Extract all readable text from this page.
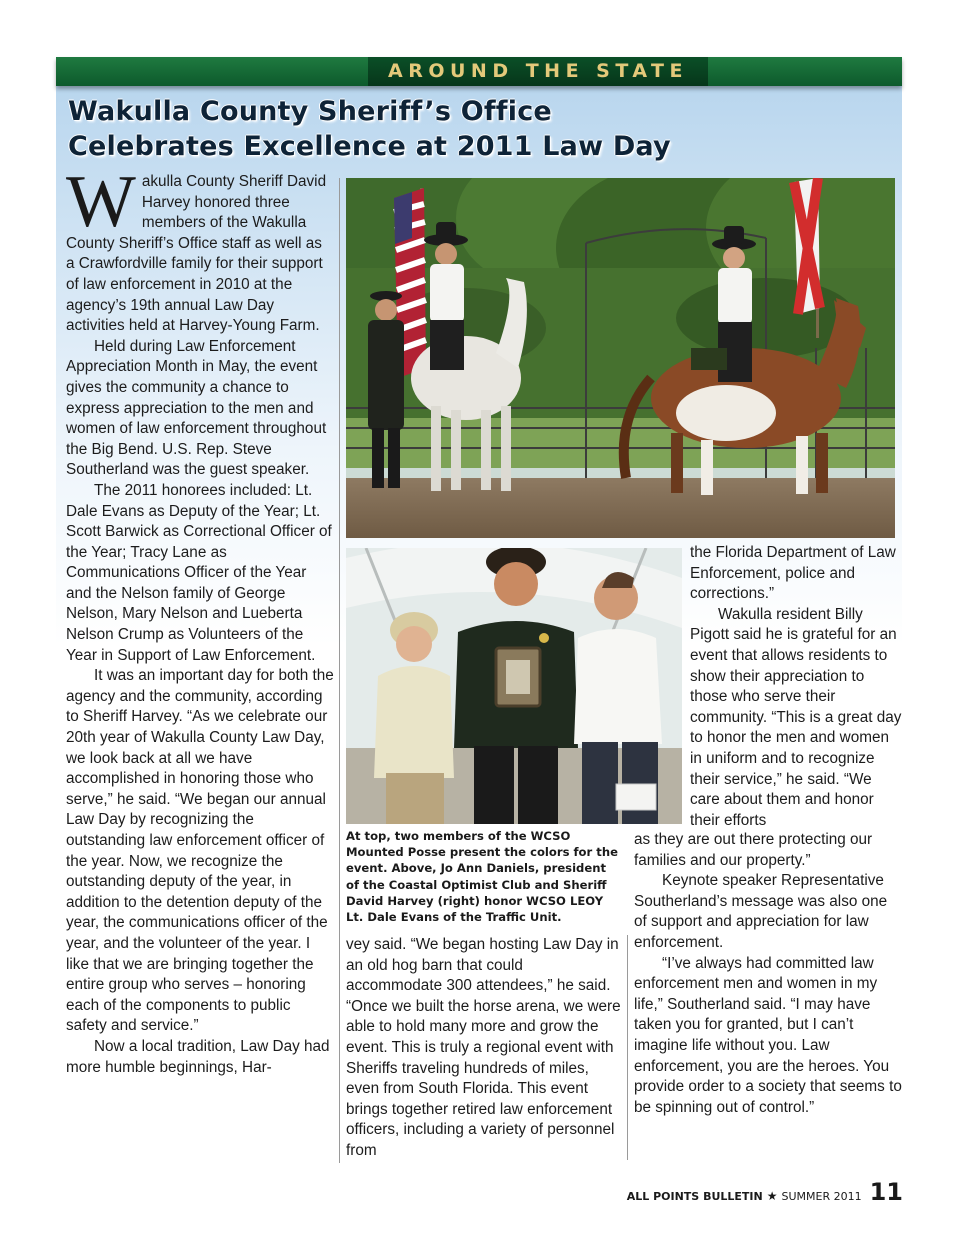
AROUND THE STATE
Wakulla County Sheriff’s Office
Celebrates Excellence at 2011 Law Day

Wakulla County Sheriff David Harvey honored three members of the Wakulla County Sheriff’s Office staff as well as a Crawfordville family for their support of law enforcement in 2010 at the agency’s 19th annual Law Day activities held at Harvey-Young Farm.

Held during Law Enforcement Appreciation Month in May, the event gives the community a chance to express appreciation to the men and women of law enforcement throughout the Big Bend. U.S. Rep. Steve Southerland was the guest speaker.

The 2011 honorees included: Lt. Dale Evans as Deputy of the Year; Lt. Scott Barwick as Correctional Officer of the Year; Tracy Lane as Communications Officer of the Year and the Nelson family of George Nelson, Mary Nelson and Lueberta Nelson Crump as Volunteers of the Year in Support of Law Enforcement.

It was an important day for both the agency and the community, according to Sheriff Harvey. “As we celebrate our 20th year of Wakulla County Law Day, we look back at all we have accomplished in honoring those who serve,” he said. “We began our annual Law Day by recognizing the outstanding law enforcement officer of the year. Now, we recognize the outstanding deputy of the year, in addition to the detention deputy of the year, the communications officer of the year, and the volunteer of the year. I like that we are bringing together the entire group who serves – honoring each of the components to public safety and service.”

Now a local tradition, Law Day had more humble beginnings, Har-

At top, two members of the WCSO Mounted Posse present the colors for the event. Above, Jo Ann Daniels, president of the Coastal Optimist Club and Sheriff David Harvey (right) honor WCSO LEOY Lt. Dale Evans of the Traffic Unit.

vey said. “We began hosting Law Day in an old hog barn that could accommodate 300 attendees,” he said. “Once we built the horse arena, we were able to hold many more and grow the event. This is truly a regional event with Sheriffs traveling hundreds of miles, even from South Florida. This event brings together retired law enforcement officers, including a variety of personnel from

the Florida Department of Law Enforcement, police and corrections.”

Wakulla resident Billy Pigott said he is grateful for an event that allows residents to show their appreciation to those who serve their community. “This is a great day to honor the men and women in uniform and to recognize their service,” he said. “We care about them and honor their efforts

as they are out there protecting our families and our property.”

Keynote speaker Representative Southerland’s message was also one of support and appreciation for law enforcement.

“I’ve always had committed law enforcement men and women in my life,” Southerland said. “I may have taken you for granted, but I can’t imagine life without you. Law enforcement, you are the heroes. You provide order to a society that seems to be spinning out of control.”

ALL POINTS BULLETIN ★ SUMMER 2011 11
